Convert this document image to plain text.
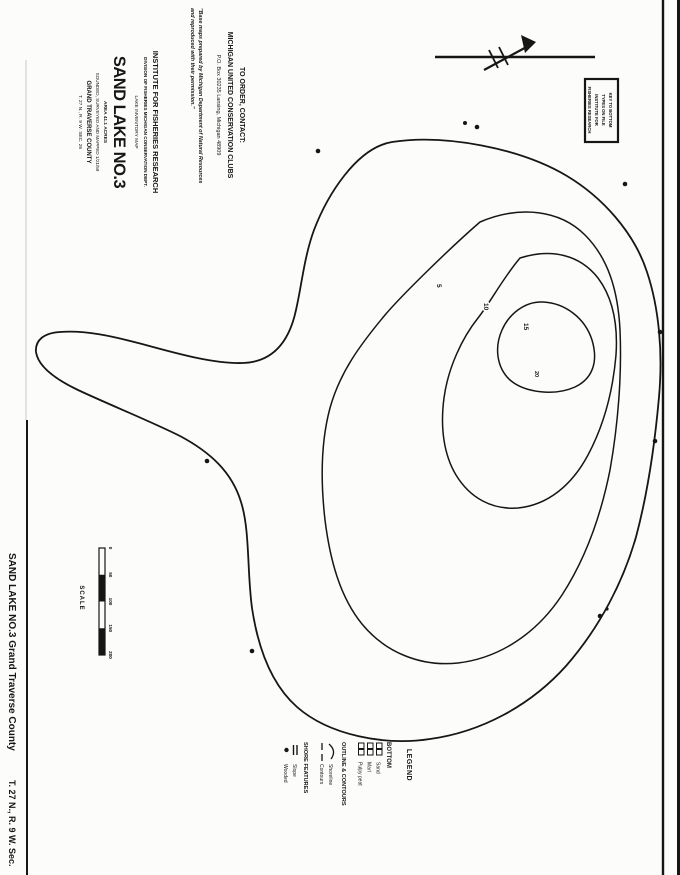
SAND LAKE NO.3 Grand Traverse County
T. 27 N., R. 9 W. Sec.
KEY TO BOTTOM
TYPES ON FILE
INSTITUTE FOR
FISHERIES RESEARCH
TO ORDER, CONTACT:
MICHIGAN UNITED CONSERVATION CLUBS
P.O. Box 30235 Lansing, Michigan 48909
"Base maps prepared by Michigan Department of Natural Resources
and reproduced with their permission."
INSTITUTE FOR FISHERIES RESEARCH
DIVISION OF FISHERIES MICHIGAN CONSERVATION DEPT.
LAKE INVENTORY MAP
SAND LAKE NO.3
AREA 41.1 ACRES
SOUNDED, SURVEYED AND MAPPED 1/21/59
GRAND TRAVERSE COUNTY
T. 27 N., R. 9 W. SEC. 26
5
10
15
20
LEGEND
BOTTOM
Sand
Marl
Pulpy peat
OUTLINE & CONTOURS
Shoreline
Contours
SHORE FEATURES
Slope
Wooded
0
50
100
150
200
SCALE
